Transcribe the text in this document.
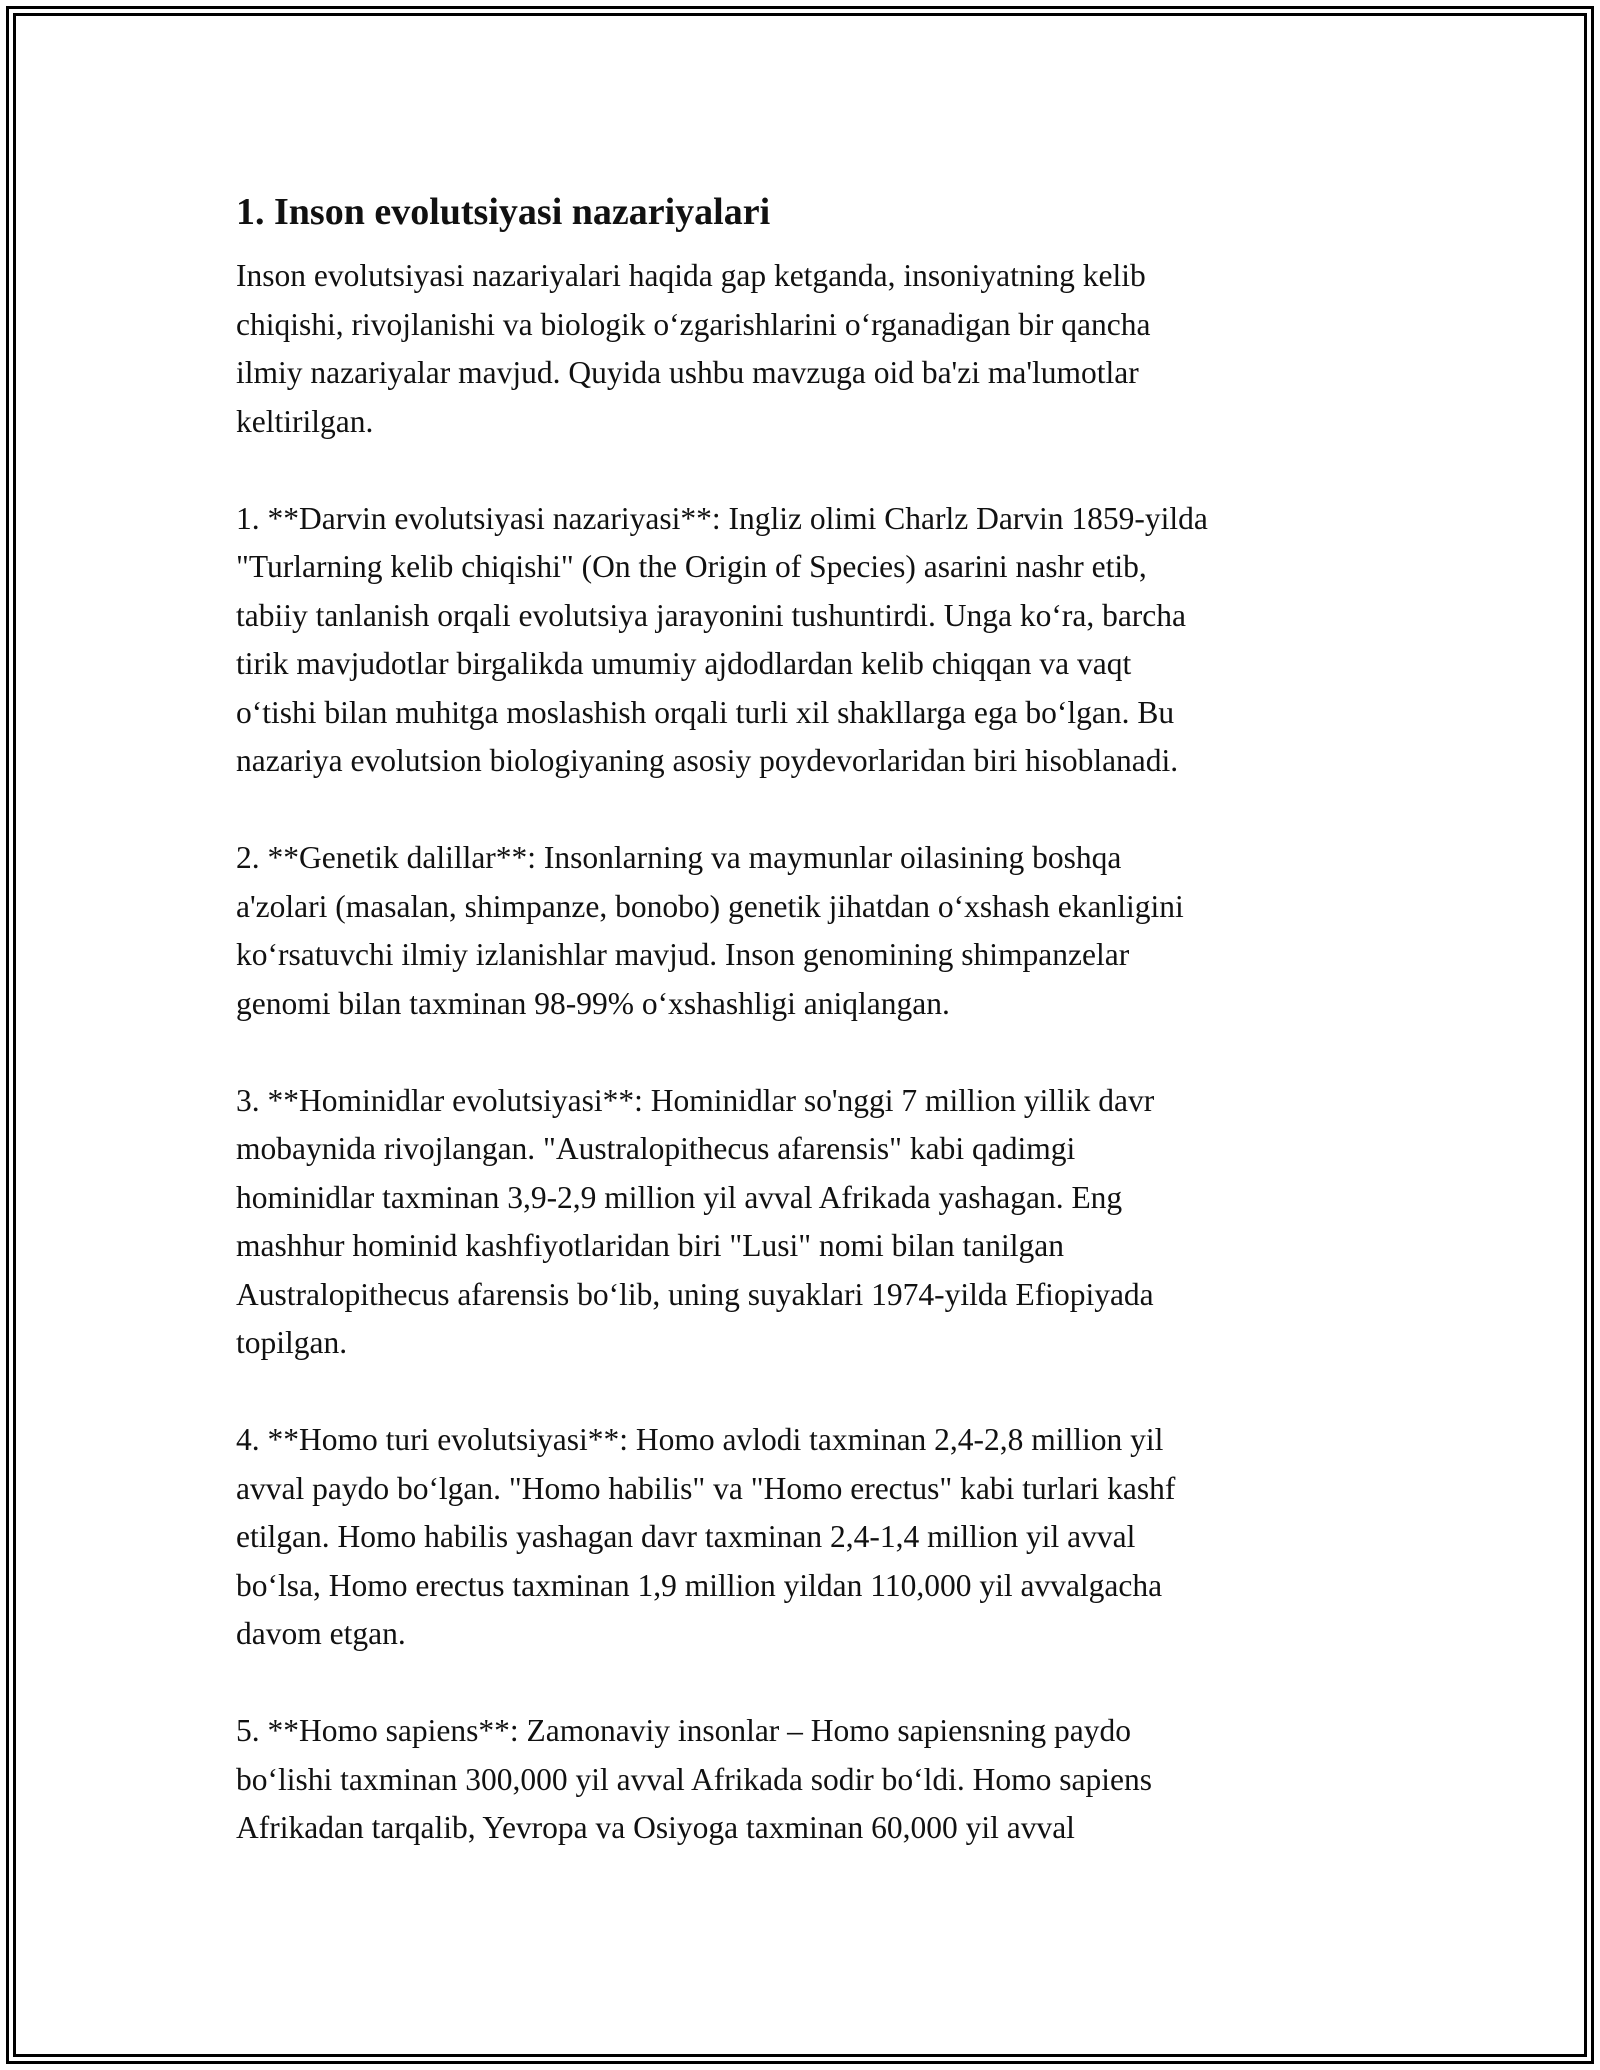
1. Inson evolutsiyasi nazariyalari

Inson evolutsiyasi nazariyalari haqida gap ketganda, insoniyatning kelib
chiqishi, rivojlanishi va biologik o‘zgarishlarini o‘rganadigan bir qancha
ilmiy nazariyalar mavjud. Quyida ushbu mavzuga oid ba'zi ma'lumotlar
keltirilgan.

1. **Darvin evolutsiyasi nazariyasi**: Ingliz olimi Charlz Darvin 1859-yilda
"Turlarning kelib chiqishi" (On the Origin of Species) asarini nashr etib,
tabiiy tanlanish orqali evolutsiya jarayonini tushuntirdi. Unga ko‘ra, barcha
tirik mavjudotlar birgalikda umumiy ajdodlardan kelib chiqqan va vaqt
o‘tishi bilan muhitga moslashish orqali turli xil shakllarga ega bo‘lgan. Bu
nazariya evolutsion biologiyaning asosiy poydevorlaridan biri hisoblanadi.

2. **Genetik dalillar**: Insonlarning va maymunlar oilasining boshqa
a'zolari (masalan, shimpanze, bonobo) genetik jihatdan o‘xshash ekanligini
ko‘rsatuvchi ilmiy izlanishlar mavjud. Inson genomining shimpanzelar
genomi bilan taxminan 98-99% o‘xshashligi aniqlangan.

3. **Hominidlar evolutsiyasi**: Hominidlar so'nggi 7 million yillik davr
mobaynida rivojlangan. "Australopithecus afarensis" kabi qadimgi
hominidlar taxminan 3,9-2,9 million yil avval Afrikada yashagan. Eng
mashhur hominid kashfiyotlaridan biri "Lusi" nomi bilan tanilgan
Australopithecus afarensis bo‘lib, uning suyaklari 1974-yilda Efiopiyada
topilgan.

4. **Homo turi evolutsiyasi**: Homo avlodi taxminan 2,4-2,8 million yil
avval paydo bo‘lgan. "Homo habilis" va "Homo erectus" kabi turlari kashf
etilgan. Homo habilis yashagan davr taxminan 2,4-1,4 million yil avval
bo‘lsa, Homo erectus taxminan 1,9 million yildan 110,000 yil avvalgacha
davom etgan.

5. **Homo sapiens**: Zamonaviy insonlar – Homo sapiensning paydo
bo‘lishi taxminan 300,000 yil avval Afrikada sodir bo‘ldi. Homo sapiens
Afrikadan tarqalib, Yevropa va Osiyoga taxminan 60,000 yil avval
